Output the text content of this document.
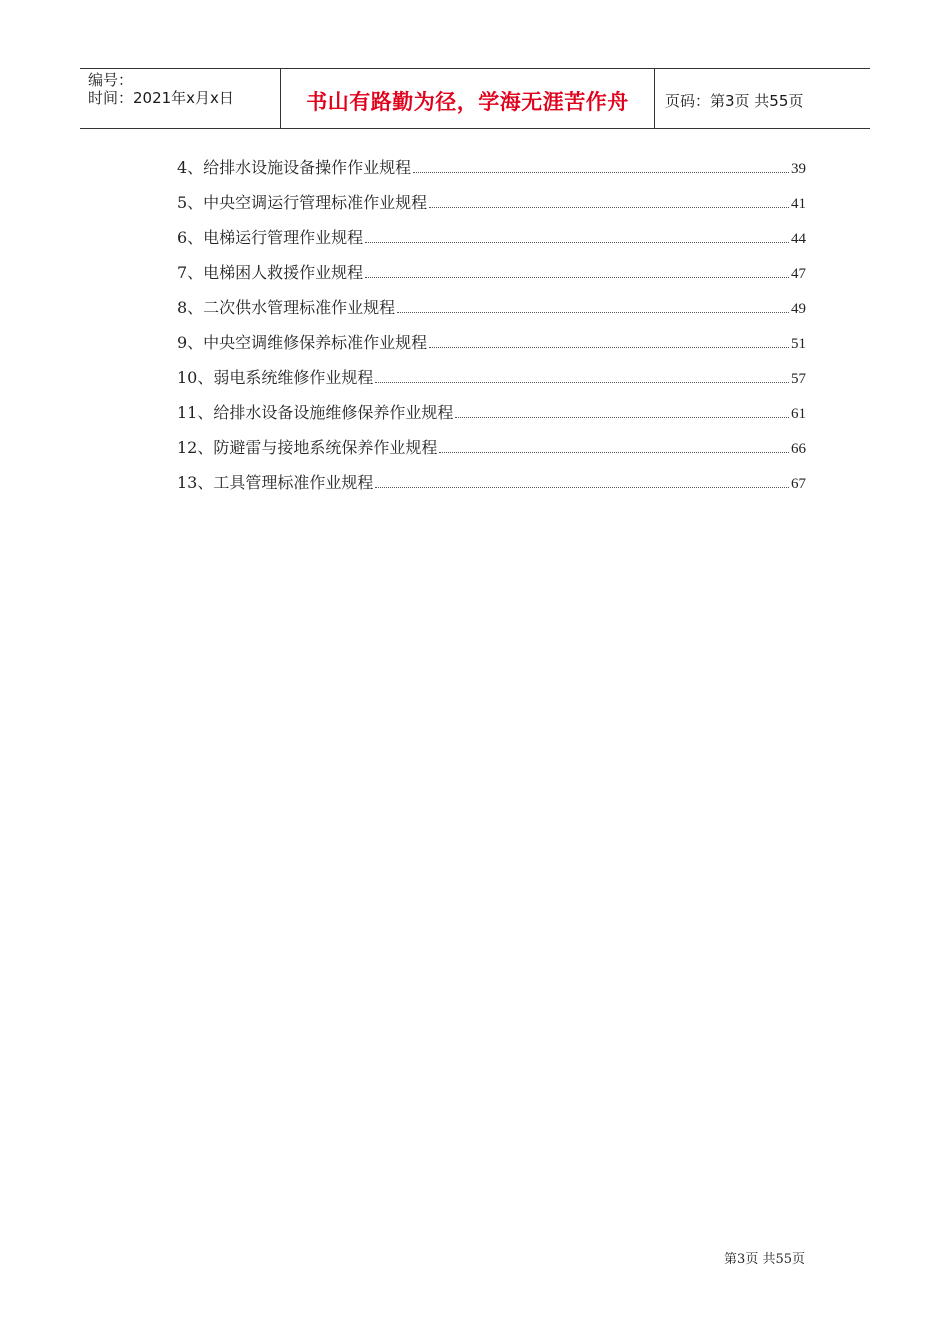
编号：
时间：2021年x月x日	书山有路勤为径，学海无涯苦作舟 页码：第3页 共55页
4、给排水设施设备操作作业规程	39
5、中央空调运行管理标准作业规程	41
6、电梯运行管理作业规程	44
7、电梯困人救援作业规程	47
8、二次供水管理标准作业规程	49
9、中央空调维修保养标准作业规程	51
10、弱电系统维修作业规程	57
11、给排水设备设施维修保养作业规程	61
12、防避雷与接地系统保养作业规程	66
13、工具管理标准作业规程	67
第3页 共55页
